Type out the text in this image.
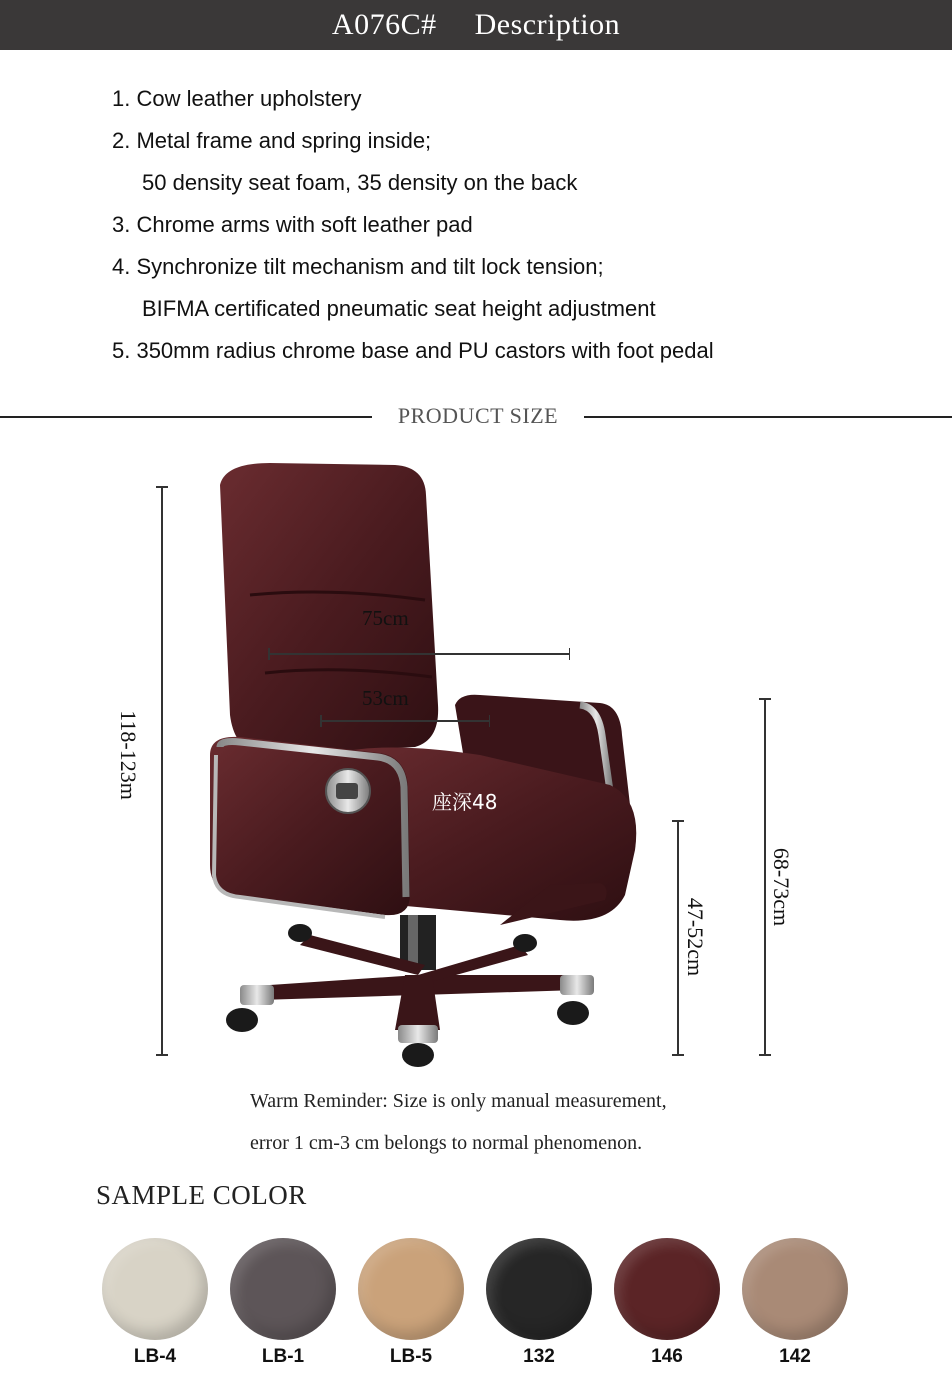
A076C# Description
1. Cow leather upholstery
2. Metal frame and spring inside;
50 density seat foam, 35 density on the back
3. Chrome arms with soft leather pad
4. Synchronize tilt mechanism and tilt lock tension;
BIFMA certificated pneumatic seat height adjustment
5. 350mm radius chrome base and PU castors with foot pedal
PRODUCT SIZE
118-123m
75cm
53cm
座深48
47-52cm
68-73cm
Warm Reminder: Size is only manual measurement,
error 1 cm-3 cm belongs to normal phenomenon.
SAMPLE COLOR
LB-4	LB-1	LB-5	132	146	142
